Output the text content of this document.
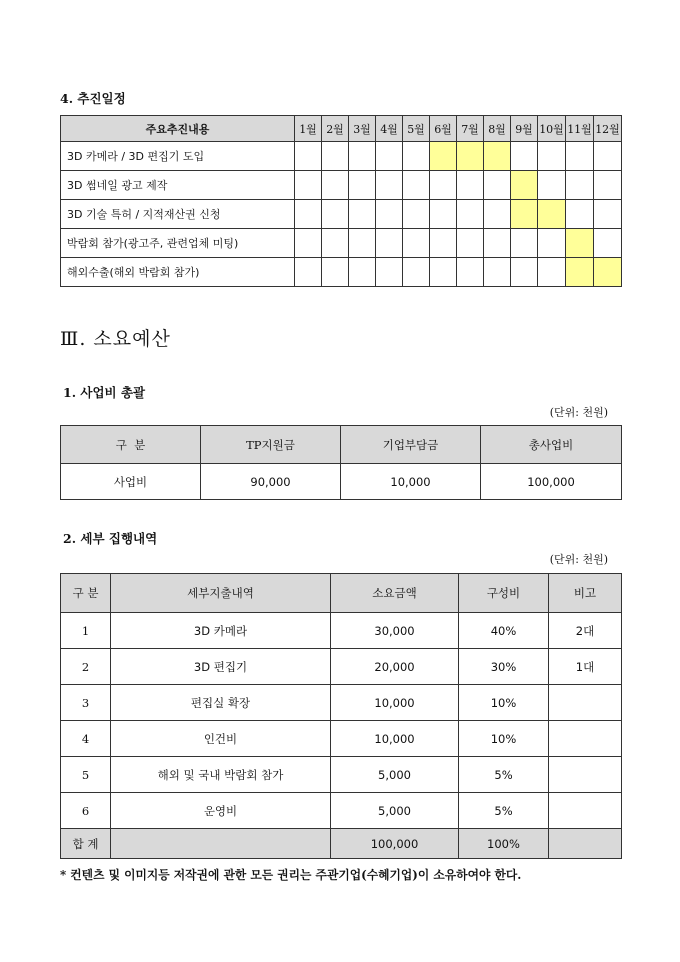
4. 추진일정
주요추진내용	1월	2월	3월	4월	5월	6월	7월	8월	9월	10월	11월	12월
3D 카메라 / 3D 편집기 도입												
3D 썸네일 광고 제작												
3D 기술 특허 / 지적재산권 신청												
박람회 참가(광고주, 관련업체 미팅)												
해외수출(해외 박람회 참가)												
Ⅲ. 소요예산
1. 사업비 총괄
(단위: 천원)
구  분	TP지원금	기업부담금	총사업비
사업비	90,000	10,000	100,000
2. 세부 집행내역
(단위: 천원)
구 분	세부지출내역	소요금액	구성비	비고
1	3D 카메라	30,000	40%	2대
2	3D 편집기	20,000	30%	1대
3	편집실 확장	10,000	10%	
4	인건비	10,000	10%	
5	해외 및 국내 박람회 참가	5,000	5%	
6	운영비	5,000	5%	
합 계		100,000	100%	
* 컨텐츠 및 이미지등 저작권에 관한 모든 권리는 주관기업(수혜기업)이 소유하여야 한다.
